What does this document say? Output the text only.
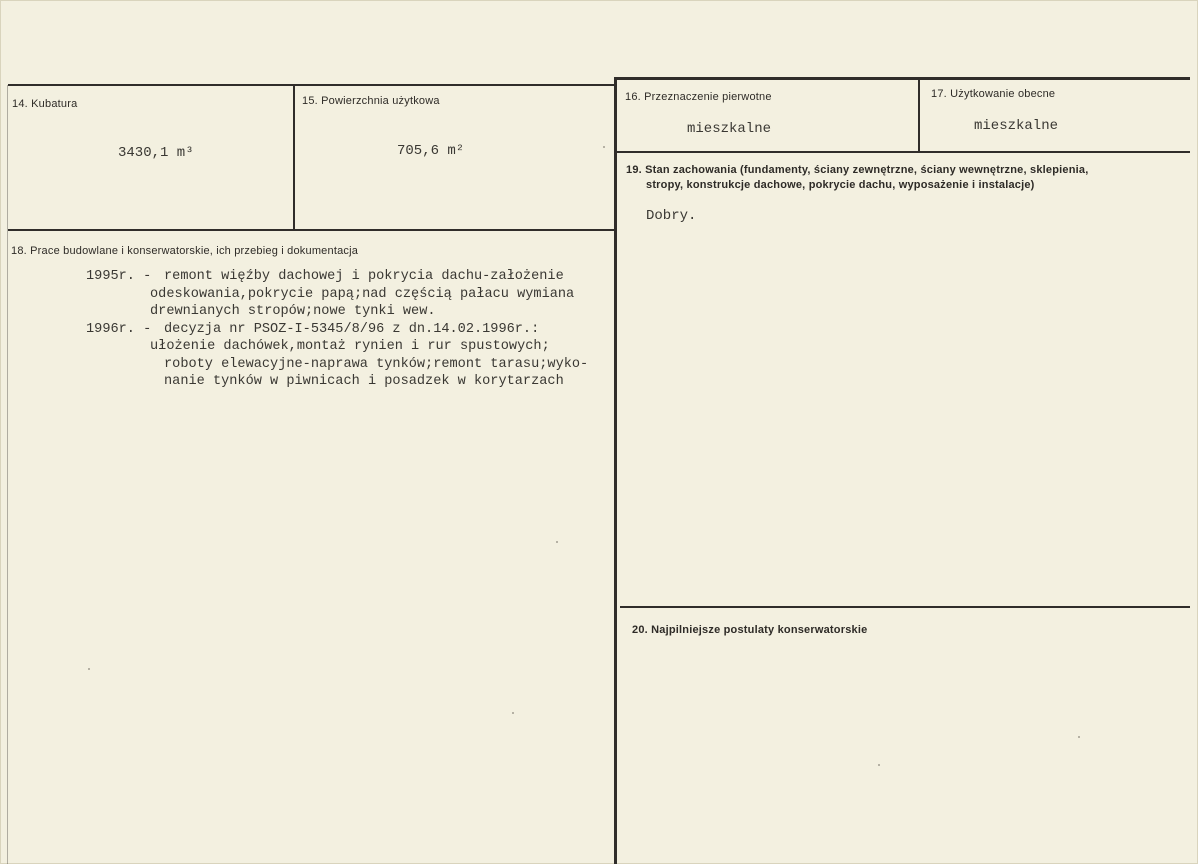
14. Kubatura
3430,1 m³
15. Powierzchnia użytkowa
705,6 m²
16. Przeznaczenie pierwotne
mieszkalne
17. Użytkowanie obecne
mieszkalne
18. Prace budowlane i konserwatorskie, ich przebieg i dokumentacja
1995r. - remont więźby dachowej i pokrycia dachu-założenie
odeskowania,pokrycie papą;nad częścią pałacu wymiana
drewnianych stropów;nowe tynki wew.
1996r. - decyzja nr PSOZ-I-5345/8/96 z dn.14.02.1996r.:
ułożenie dachówek,montaż rynien i rur spustowych;
roboty elewacyjne-naprawa tynków;remont tarasu;wyko-
nanie tynków w piwnicach i posadzek w korytarzach
19. Stan zachowania (fundamenty, ściany zewnętrzne, ściany wewnętrzne, sklepienia,
stropy, konstrukcje dachowe, pokrycie dachu, wyposażenie i instalacje)
Dobry.
20. Najpilniejsze postulaty konserwatorskie
